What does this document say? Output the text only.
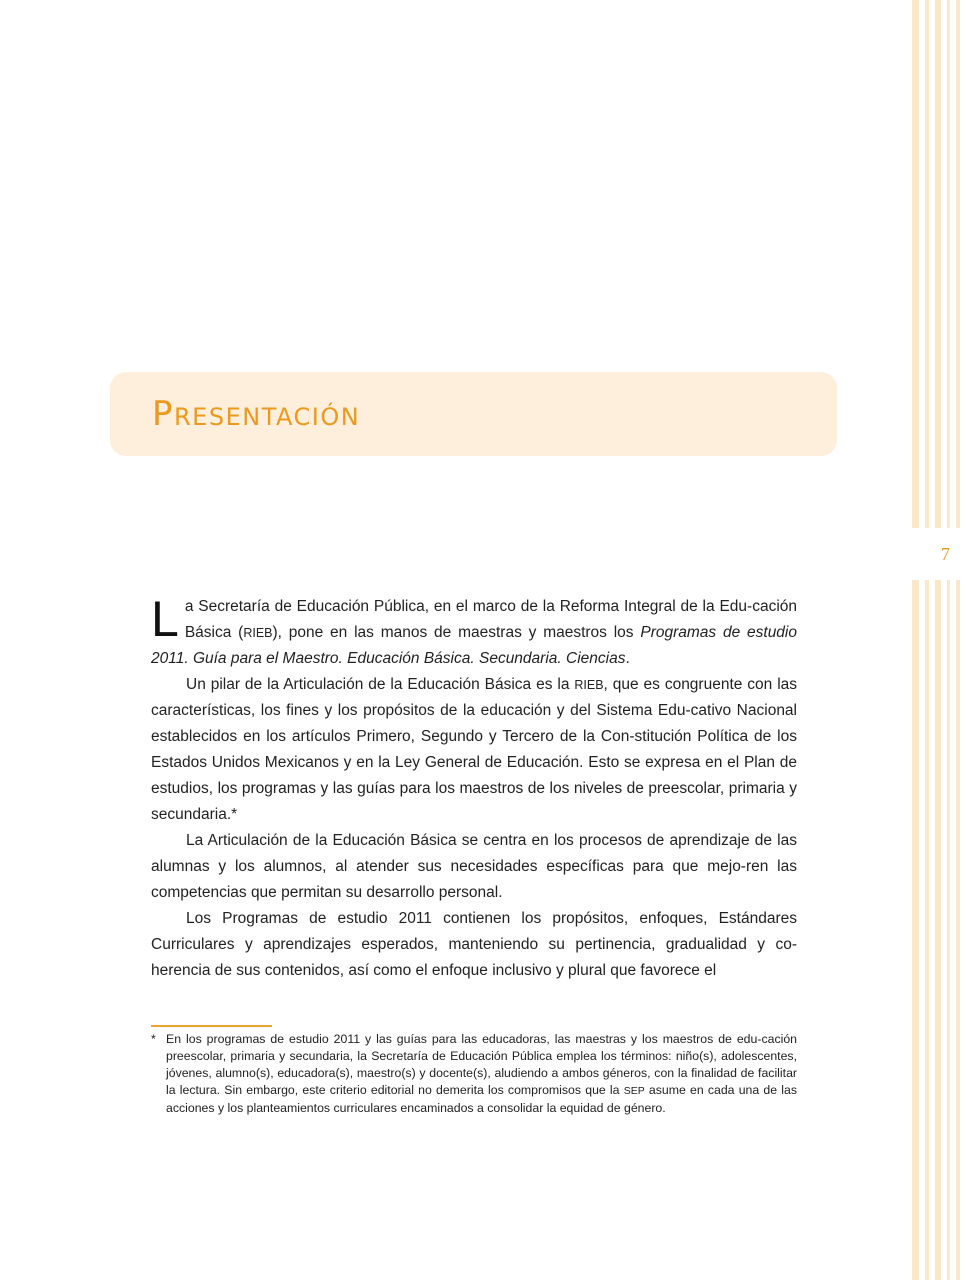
7
Presentación

La Secretaría de Educación Pública, en el marco de la Reforma Integral de la Edu-cación Básica (RIEB), pone en las manos de maestras y maestros los Programas de estudio 2011. Guía para el Maestro. Educación Básica. Secundaria. Ciencias.

Un pilar de la Articulación de la Educación Básica es la RIEB, que es congruente con las características, los fines y los propósitos de la educación y del Sistema Edu-cativo Nacional establecidos en los artículos Primero, Segundo y Tercero de la Con-stitución Política de los Estados Unidos Mexicanos y en la Ley General de Educación. Esto se expresa en el Plan de estudios, los programas y las guías para los maestros de los niveles de preescolar, primaria y secundaria.*

La Articulación de la Educación Básica se centra en los procesos de aprendizaje de las alumnas y los alumnos, al atender sus necesidades específicas para que mejo-ren las competencias que permitan su desarrollo personal.

Los Programas de estudio 2011 contienen los propósitos, enfoques, Estándares Curriculares y aprendizajes esperados, manteniendo su pertinencia, gradualidad y co-herencia de sus contenidos, así como el enfoque inclusivo y plural que favorece el

* En los programas de estudio 2011 y las guías para las educadoras, las maestras y los maestros de edu-cación preescolar, primaria y secundaria, la Secretaría de Educación Pública emplea los términos: niño(s), adolescentes, jóvenes, alumno(s), educadora(s), maestro(s) y docente(s), aludiendo a ambos géneros, con la finalidad de facilitar la lectura. Sin embargo, este criterio editorial no demerita los compromisos que la SEP asume en cada una de las acciones y los planteamientos curriculares encaminados a consolidar la equidad de género.
